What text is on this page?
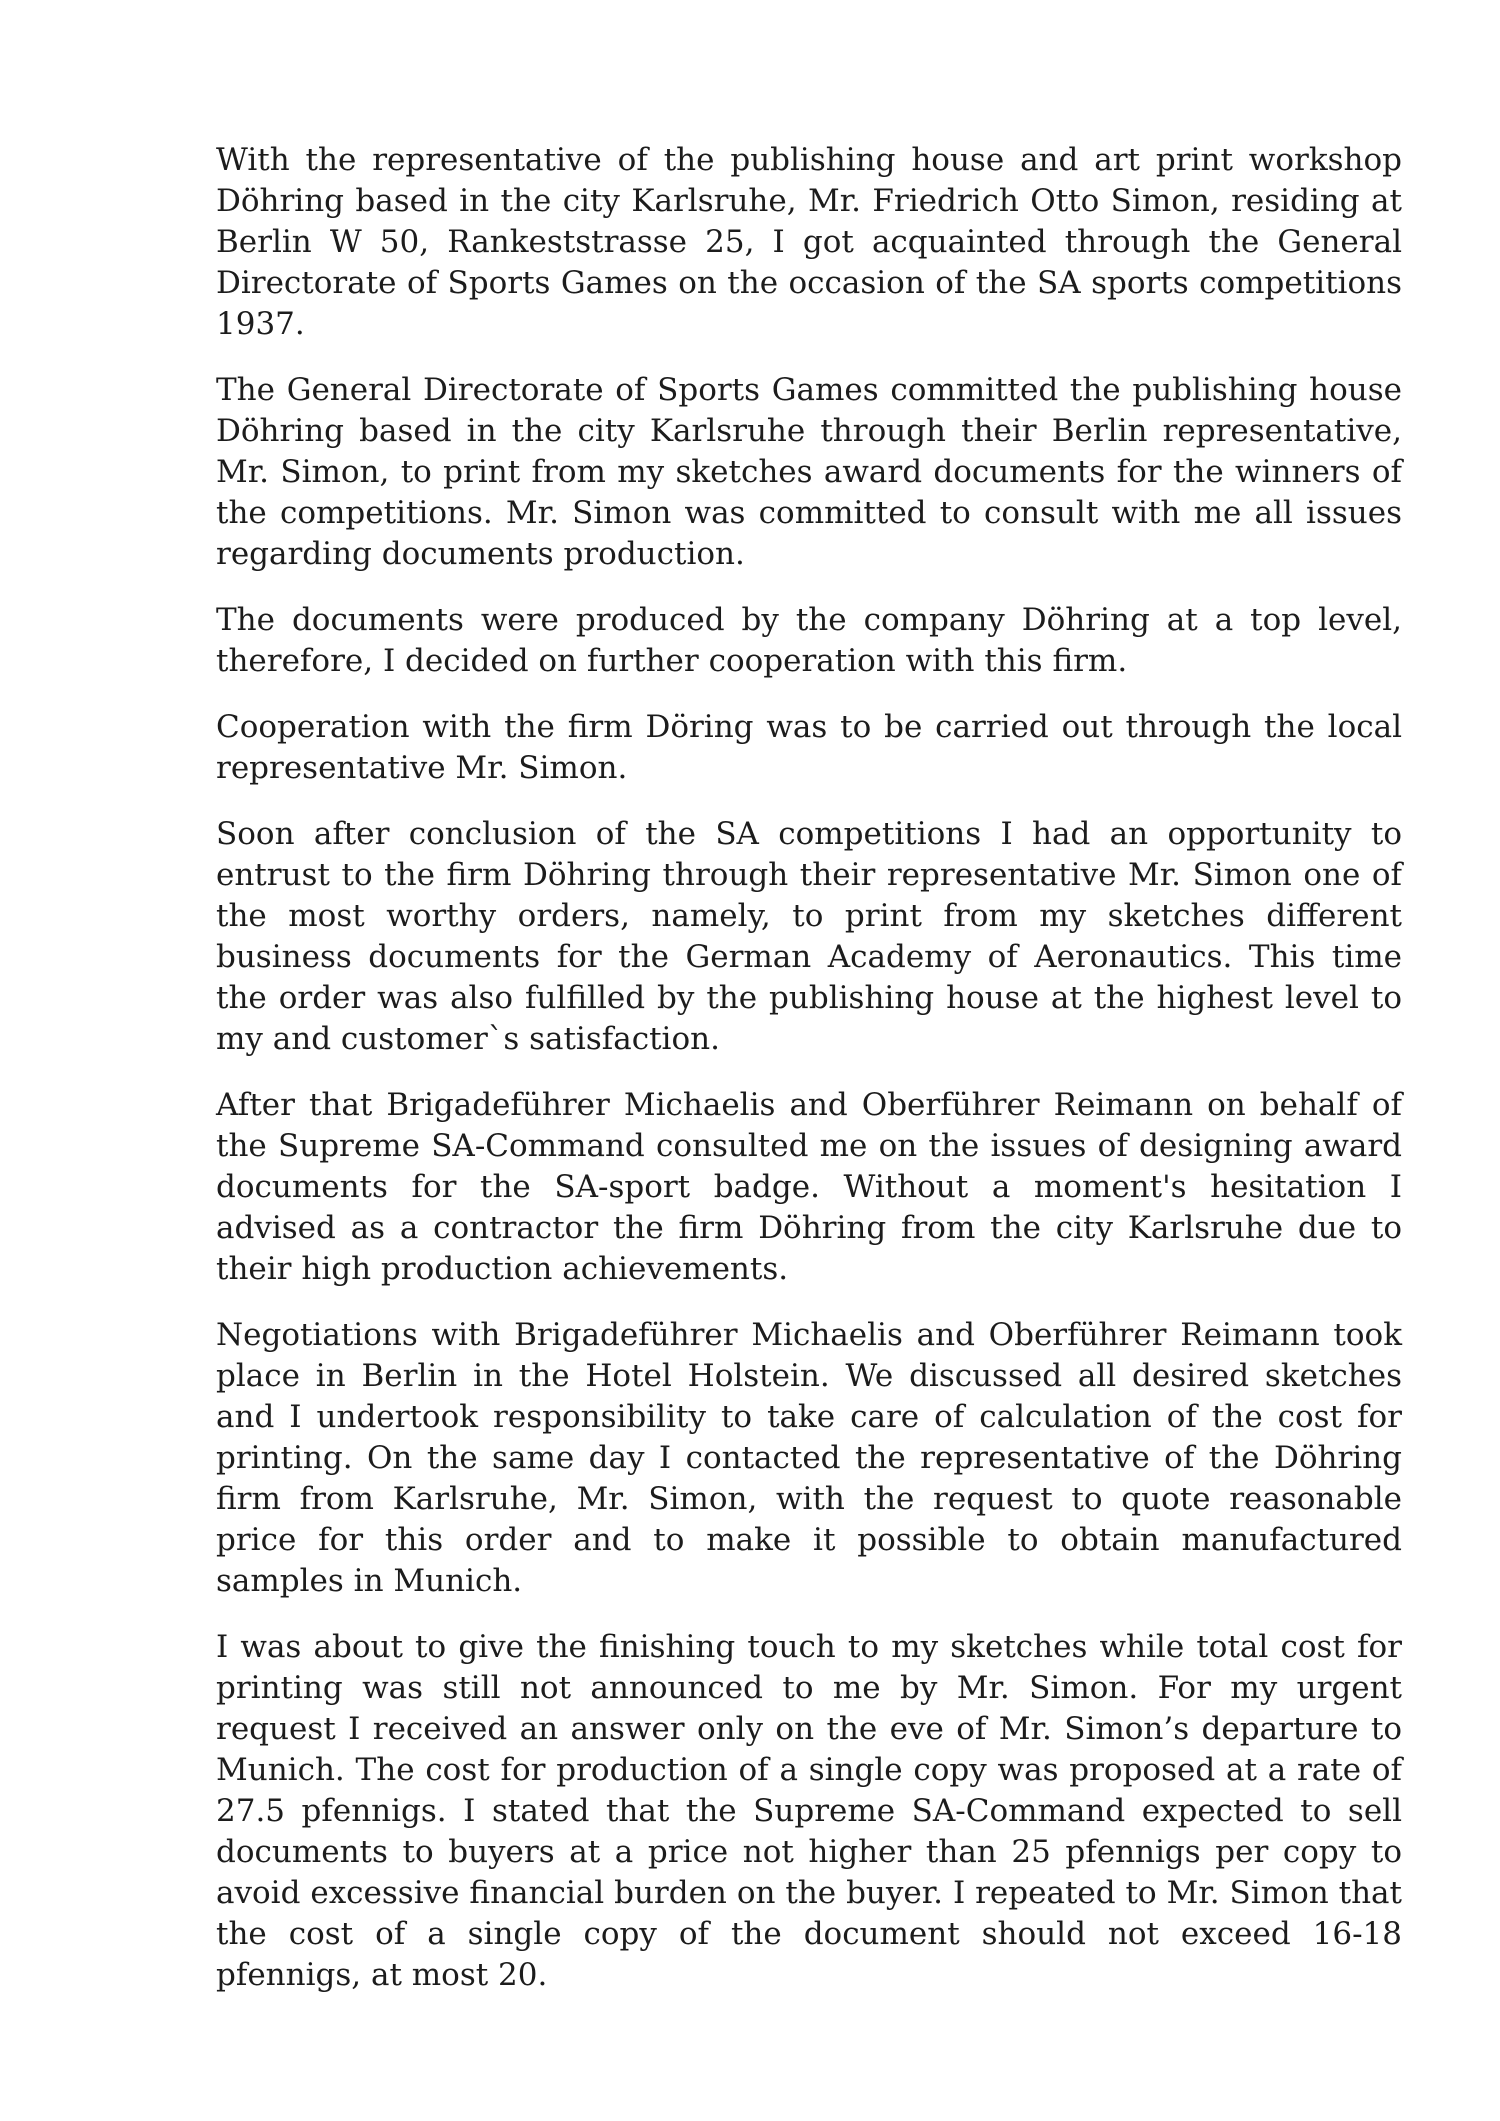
With the representative of the publishing house and art print workshop Döhring based in the city Karlsruhe, Mr. Friedrich Otto Simon, residing at Berlin W 50, Rankeststrasse 25, I got acquainted through the General Directorate of Sports Games on the occasion of the SA sports competitions 1937.

The General Directorate of Sports Games committed the publishing house Döhring based in the city Karlsruhe through their Berlin representative, Mr. Simon, to print from my sketches award documents for the winners of the competitions. Mr. Simon was committed to consult with me all issues regarding documents production.

The documents were produced by the company Döhring at a top level, therefore, I decided on further cooperation with this firm.

Cooperation with the firm Döring was to be carried out through the local representative Mr. Simon.

Soon after conclusion of the SA competitions I had an opportunity to entrust to the firm Döhring through their representative Mr. Simon one of the most worthy orders, namely, to print from my sketches different business documents for the German Academy of Aeronautics. This time the order was also fulfilled by the publishing house at the highest level to my and customer`s satisfaction.

After that Brigadeführer Michaelis and Oberführer Reimann on behalf of the Supreme SA-Command consulted me on the issues of designing award documents for the SA-sport badge. Without a moment's hesitation I advised as a contractor the firm Döhring from the city Karlsruhe due to their high production achievements.

Negotiations with Brigadeführer Michaelis and Oberführer Reimann took place in Berlin in the Hotel Holstein. We discussed all desired sketches and I undertook responsibility to take care of calculation of the cost for printing. On the same day I contacted the representative of the Döhring firm from Karlsruhe, Mr. Simon, with the request to quote reasonable price for this order and to make it possible to obtain manufactured samples in Munich.

I was about to give the finishing touch to my sketches while total cost for printing was still not announced to me by Mr. Simon. For my urgent request I received an answer only on the eve of Mr. Simon’s departure to Munich. The cost for production of a single copy was proposed at a rate of 27.5 pfennigs. I stated that the Supreme SA-Command expected to sell documents to buyers at a price not higher than 25 pfennigs per copy to avoid excessive financial burden on the buyer. I repeated to Mr. Simon that the cost of a single copy of the document should not exceed 16-18 pfennigs, at most 20.
